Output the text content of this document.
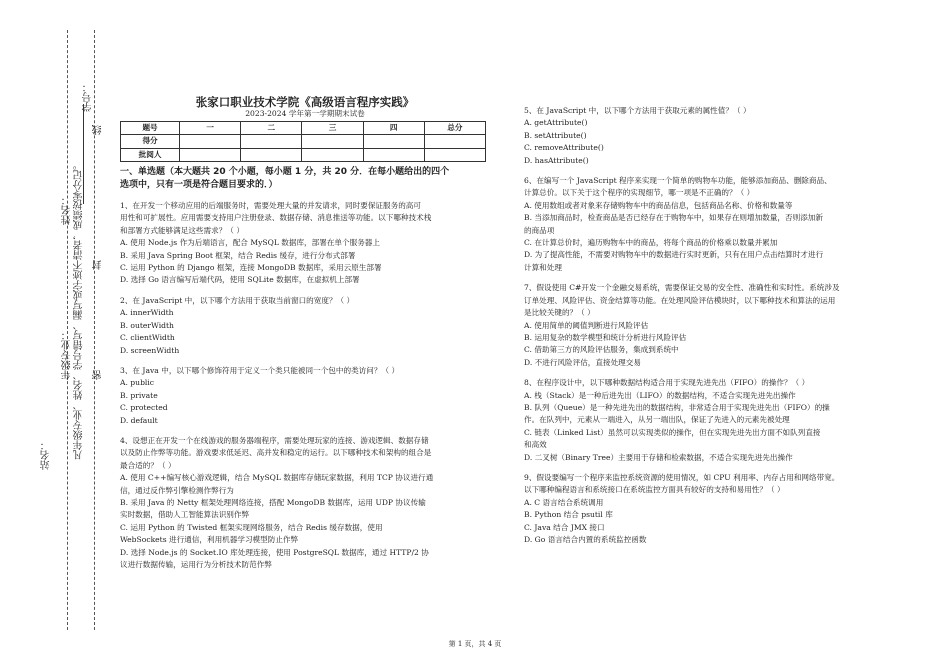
学号：
姓名：
年级专业：
站名： 凡年级专业、姓名、学号错写、漏写或字迹不清者，成绩按零分记。
线
封
密

张家口职业技术学院《高级语言程序实践》

2023-2024 学年第一学期期末试卷

题号	一	二	三	四	总分
得分					
批阅人					

一、单选题（本大题共 20 个小题，每小题 1 分，共 20 分．在每小题给出的四个

选项中，只有一项是符合题目要求的．）

1、在开发一个移动应用的后端服务时，需要处理大量的并发请求，同时要保证服务的高可

用性和可扩展性。应用需要支持用户注册登录、数据存储、消息推送等功能。以下哪种技术栈

和部署方式能够满足这些需求？（ ）

A. 使用 Node.js 作为后端语言，配合 MySQL 数据库，部署在单个服务器上

B. 采用 Java Spring Boot 框架，结合 Redis 缓存，进行分布式部署

C. 运用 Python 的 Django 框架，连接 MongoDB 数据库，采用云原生部署

D. 选择 Go 语言编写后端代码，使用 SQLite 数据库，在虚拟机上部署

2、在 JavaScript 中，以下哪个方法用于获取当前窗口的宽度？（ ）

A. innerWidth

B. outerWidth

C. clientWidth

D. screenWidth

3、在 Java 中，以下哪个修饰符用于定义一个类只能被同一个包中的类访问？（ ）

A. public

B. private

C. protected

D. default

4、设想正在开发一个在线游戏的服务器端程序，需要处理玩家的连接、游戏逻辑、数据存储

以及防止作弊等功能。游戏要求低延迟、高并发和稳定的运行。以下哪种技术和架构的组合是

最合适的？（ ）

A. 使用 C++编写核心游戏逻辑，结合 MySQL 数据库存储玩家数据，利用 TCP 协议进行通

信，通过反作弊引擎检测作弊行为

B. 采用 Java 的 Netty 框架处理网络连接，搭配 MongoDB 数据库，运用 UDP 协议传输

实时数据，借助人工智能算法识别作弊

C. 运用 Python 的 Twisted 框架实现网络服务，结合 Redis 缓存数据，使用

WebSockets 进行通信，利用机器学习模型防止作弊

D. 选择 Node.js 的 Socket.IO 库处理连接，使用 PostgreSQL 数据库，通过 HTTP/2 协

议进行数据传输，运用行为分析技术防范作弊

5、在 JavaScript 中，以下哪个方法用于获取元素的属性值？（ ）

A. getAttribute()

B. setAttribute()

C. removeAttribute()

D. hasAttribute()

6、在编写一个 JavaScript 程序来实现一个简单的购物车功能，能够添加商品、删除商品、

计算总价。以下关于这个程序的实现细节，哪一项是不正确的？（ ）

A. 使用数组或者对象来存储购物车中的商品信息，包括商品名称、价格和数量等

B. 当添加商品时，检查商品是否已经存在于购物车中，如果存在则增加数量，否则添加新

的商品项

C. 在计算总价时，遍历购物车中的商品，将每个商品的价格乘以数量并累加

D. 为了提高性能，不需要对购物车中的数据进行实时更新，只有在用户点击结算时才进行

计算和处理

7、假设使用 C#开发一个金融交易系统，需要保证交易的安全性、准确性和实时性。系统涉及

订单处理、风险评估、资金结算等功能。在处理风险评估模块时，以下哪种技术和算法的运用

是比较关键的？（ ）

A. 使用简单的阈值判断进行风险评估

B. 运用复杂的数学模型和统计分析进行风险评估

C. 借助第三方的风险评估服务，集成到系统中

D. 不进行风险评估，直接处理交易

8、在程序设计中，以下哪种数据结构适合用于实现先进先出（FIFO）的操作？（ ）

A. 栈（Stack）是一种后进先出（LIFO）的数据结构，不适合实现先进先出操作

B. 队列（Queue）是一种先进先出的数据结构，非常适合用于实现先进先出（FIFO）的操

作。在队列中，元素从一端进入，从另一端出队，保证了先进入的元素先被处理

C. 链表（Linked List）虽然可以实现类似的操作，但在实现先进先出方面不如队列直接

和高效

D. 二叉树（Binary Tree）主要用于存储和检索数据，不适合实现先进先出操作

9、假设要编写一个程序来监控系统资源的使用情况，如 CPU 利用率、内存占用和网络带宽。

以下哪种编程语言和系统接口在系统监控方面具有较好的支持和易用性？（ ）

A. C 语言结合系统调用

B. Python 结合 psutil 库

C. Java 结合 JMX 接口

D. Go 语言结合内置的系统监控函数

第 1 页，共 4 页
